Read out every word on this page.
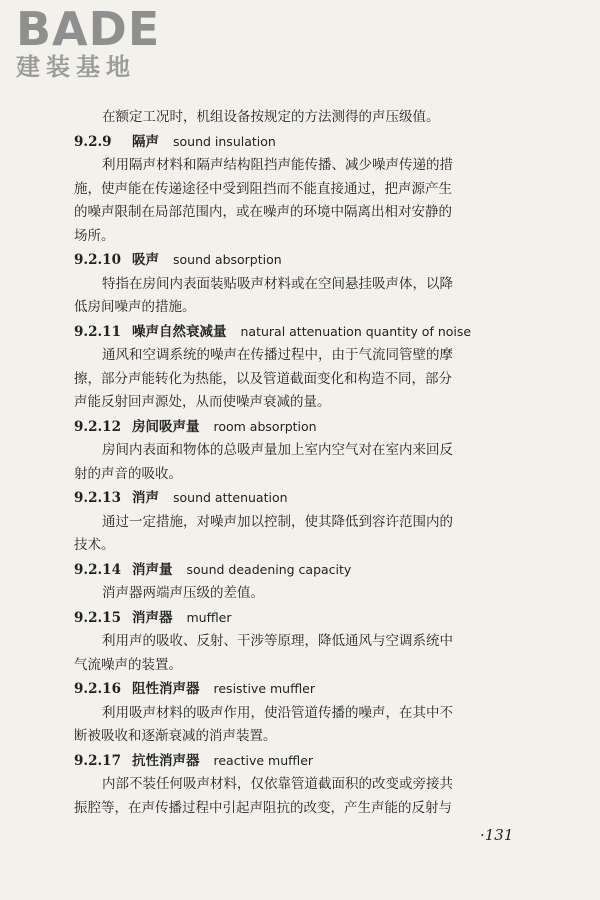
BADE
建装基地
在额定工况时，机组设备按规定的方法测得的声压级值。
9.2.9 隔声 sound insulation
利用隔声材料和隔声结构阻挡声能传播、减少噪声传递的措
施，使声能在传递途径中受到阻挡而不能直接通过，把声源产生
的噪声限制在局部范围内，或在噪声的环境中隔离出相对安静的
场所。
9.2.10 吸声 sound absorption
特指在房间内表面装贴吸声材料或在空间悬挂吸声体，以降
低房间噪声的措施。
9.2.11 噪声自然衰减量 natural attenuation quantity of noise
通风和空调系统的噪声在传播过程中，由于气流同管壁的摩
擦，部分声能转化为热能，以及管道截面变化和构造不同，部分
声能反射回声源处，从而使噪声衰减的量。
9.2.12 房间吸声量 room absorption
房间内表面和物体的总吸声量加上室内空气对在室内来回反
射的声音的吸收。
9.2.13 消声 sound attenuation
通过一定措施，对噪声加以控制，使其降低到容许范围内的
技术。
9.2.14 消声量 sound deadening capacity
消声器两端声压级的差值。
9.2.15 消声器 muffler
利用声的吸收、反射、干涉等原理，降低通风与空调系统中
气流噪声的装置。
9.2.16 阻性消声器 resistive muffler
利用吸声材料的吸声作用，使沿管道传播的噪声，在其中不
断被吸收和逐渐衰减的消声装置。
9.2.17 抗性消声器 reactive muffler
内部不装任何吸声材料，仅依靠管道截面积的改变或旁接共
振腔等，在声传播过程中引起声阻抗的改变，产生声能的反射与
·131
